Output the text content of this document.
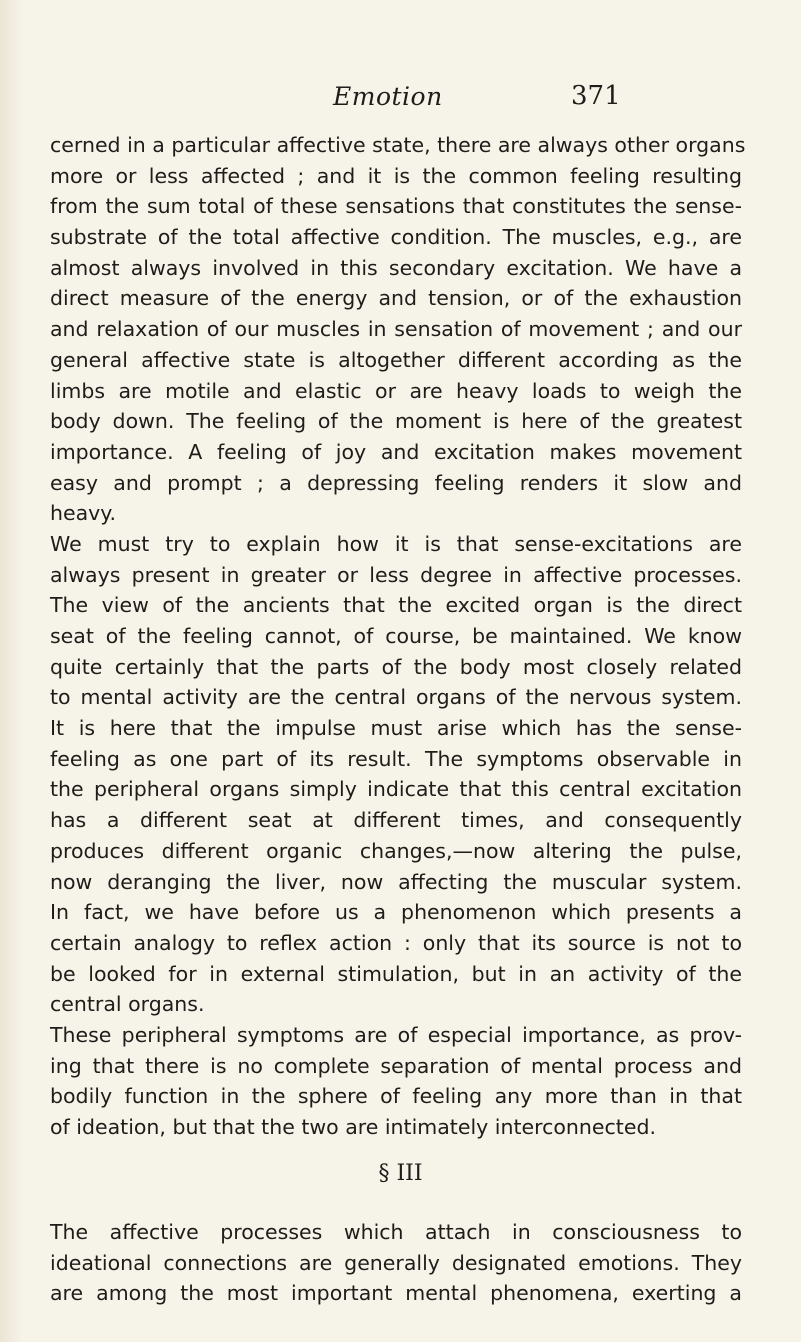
Emotion	371
cerned in a particular affective state, there are always other organs
more or less affected ; and it is the common feeling resulting
from the sum total of these sensations that constitutes the sense-
substrate of the total affective condition. The muscles, e.g., are
almost always involved in this secondary excitation. We have a
direct measure of the energy and tension, or of the exhaustion
and relaxation of our muscles in sensation of movement ; and our
general affective state is altogether different according as the
limbs are motile and elastic or are heavy loads to weigh the
body down. The feeling of the moment is here of the greatest
importance. A feeling of joy and excitation makes movement
easy and prompt ; a depressing feeling renders it slow and
heavy.
We must try to explain how it is that sense-excitations are
always present in greater or less degree in affective processes.
The view of the ancients that the excited organ is the direct
seat of the feeling cannot, of course, be maintained. We know
quite certainly that the parts of the body most closely related
to mental activity are the central organs of the nervous system.
It is here that the impulse must arise which has the sense-
feeling as one part of its result. The symptoms observable in
the peripheral organs simply indicate that this central excitation
has a different seat at different times, and consequently
produces different organic changes,—now altering the pulse,
now deranging the liver, now affecting the muscular system.
In fact, we have before us a phenomenon which presents a
certain analogy to reflex action : only that its source is not to
be looked for in external stimulation, but in an activity of the
central organs.
These peripheral symptoms are of especial importance, as prov-
ing that there is no complete separation of mental process and
bodily function in the sphere of feeling any more than in that
of ideation, but that the two are intimately interconnected.
§ III
The affective processes which attach in consciousness to
ideational connections are generally designated emotions. They
are among the most important mental phenomena, exerting a
